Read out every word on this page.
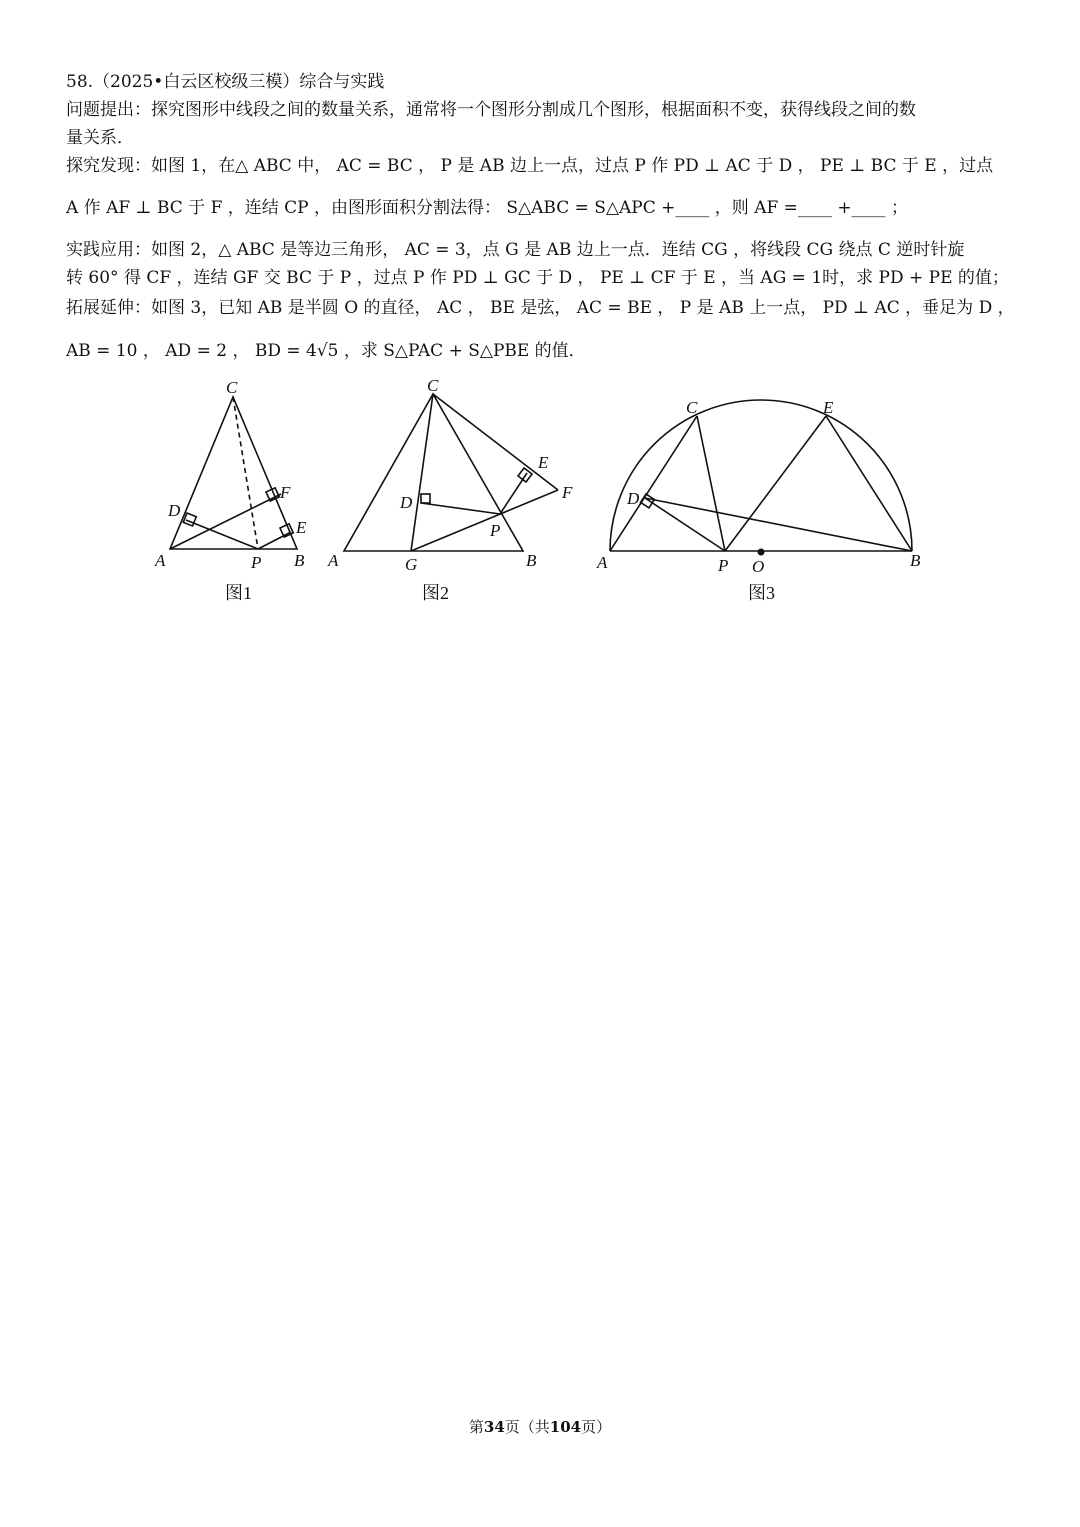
58.（2025•白云区校级三模）综合与实践
问题提出：探究图形中线段之间的数量关系，通常将一个图形分割成几个图形，根据面积不变，获得线段之间的数
量关系．
探究发现：如图 1，在△ ABC 中， AC = BC ， P 是 AB 边上一点，过点 P 作 PD ⊥ AC 于 D ， PE ⊥ BC 于 E ，过点
A 作 AF ⊥ BC 于 F ，连结 CP ，由图形面积分割法得： S△ABC = S△APC +____ ，则 AF =____ +____ ；
实践应用：如图 2，△ ABC 是等边三角形， AC = 3，点 G 是 AB 边上一点．连结 CG ，将线段 CG 绕点 C 逆时针旋
转 60° 得 CF ，连结 GF 交 BC 于 P ，过点 P 作 PD ⊥ GC 于 D ， PE ⊥ CF 于 E ，当 AG = 1时，求 PD + PE 的值；
拓展延伸：如图 3，已知 AB 是半圆 O 的直径， AC ， BE 是弦， AC = BE ， P 是 AB 上一点， PD ⊥ AC ，垂足为 D ，
AB = 10 ， AD = 2 ， BD = 4√5 ，求 S△PAC + S△PBE 的值．
C
D
F
E
A	P B
C
E
F
D
P
A	G	B
C	E
D
A	P O	B
图1	图2	图3
第34页（共104页）
